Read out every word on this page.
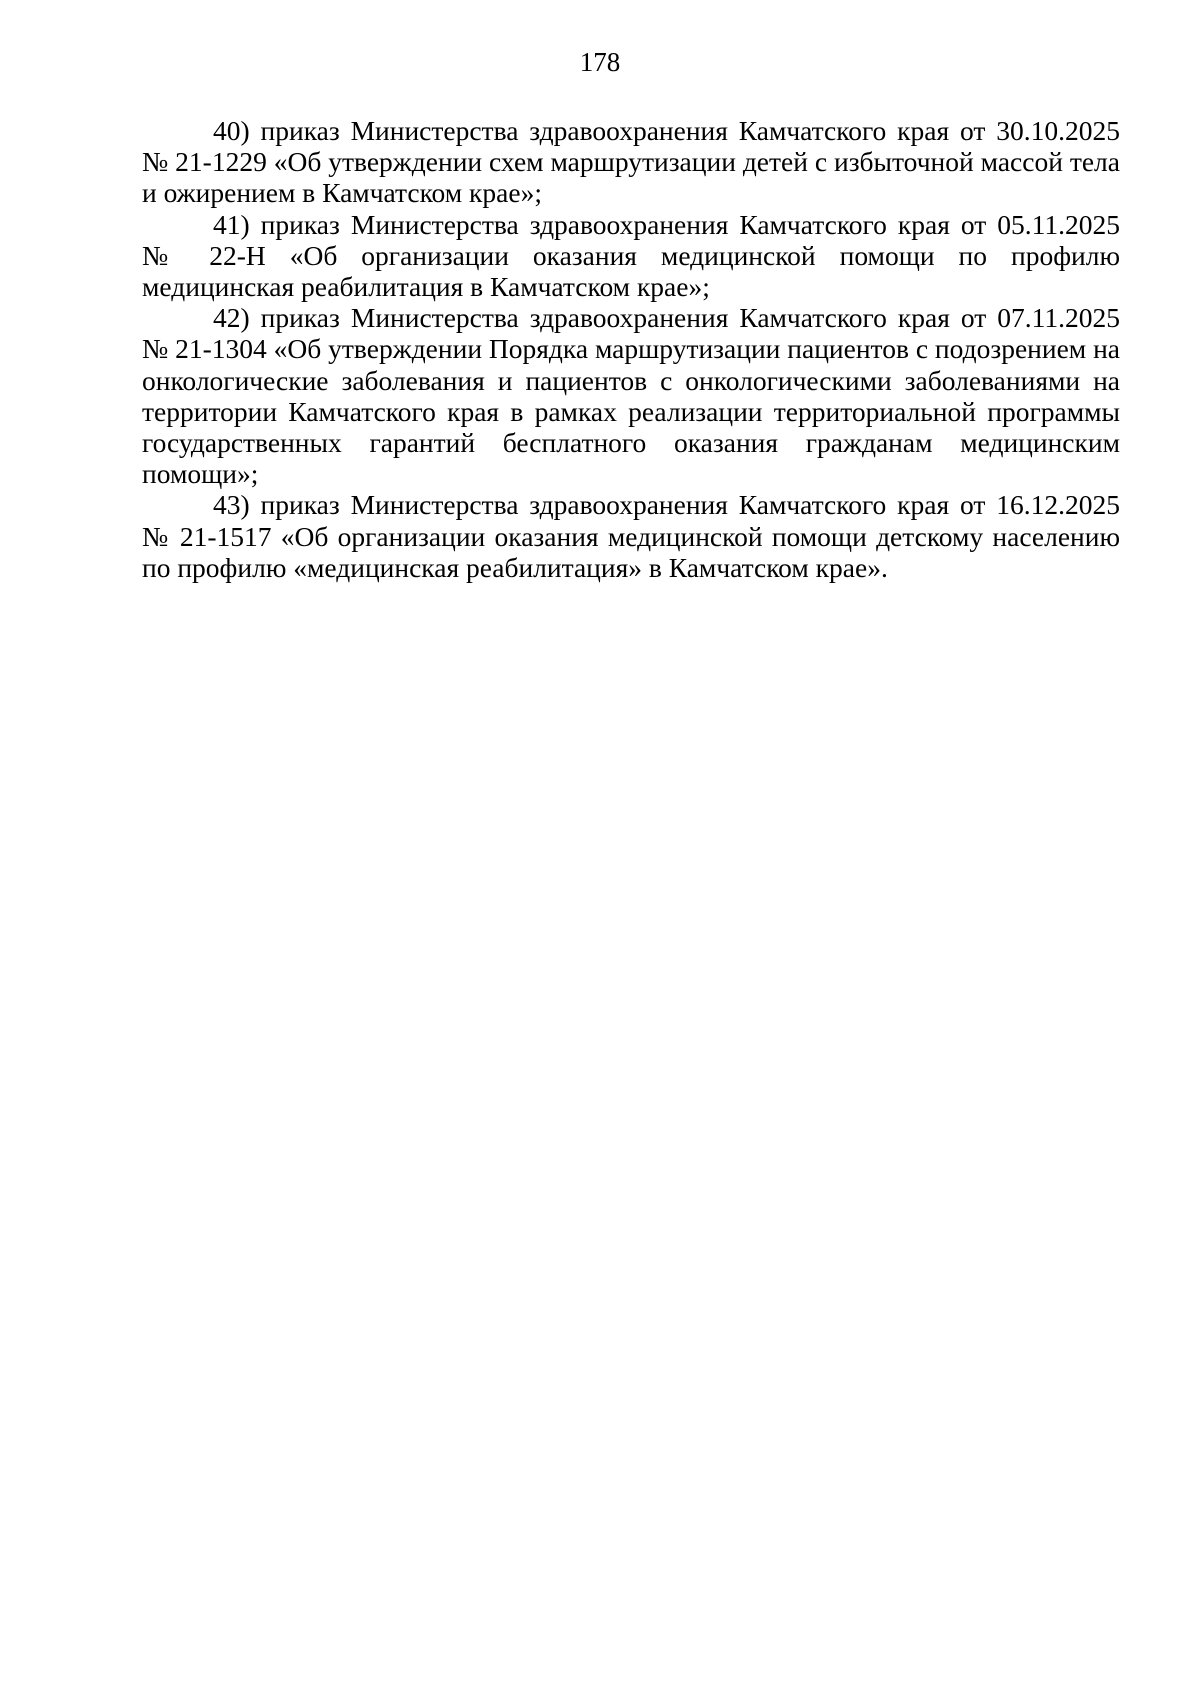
178

40) приказ Министерства здравоохранения Камчатского края от 30.10.2025 № 21-1229 «Об утверждении схем маршрутизации детей с избыточной массой тела и ожирением в Камчатском крае»;

41) приказ Министерства здравоохранения Камчатского края от 05.11.2025 № 22-Н «Об организации оказания медицинской помощи по профилю медицинская реабилитация в Камчатском крае»;

42) приказ Министерства здравоохранения Камчатского края от 07.11.2025 № 21-1304 «Об утверждении Порядка маршрутизации пациентов с подозрением на онкологические заболевания и пациентов с онкологическими заболеваниями на территории Камчатского края в рамках реализации территориальной программы государственных гарантий бесплатного оказания гражданам медицинским помощи»;

43) приказ Министерства здравоохранения Камчатского края от 16.12.2025 № 21-1517 «Об организации оказания медицинской помощи детскому населению по профилю «медицинская реабилитация» в Камчатском крае».
